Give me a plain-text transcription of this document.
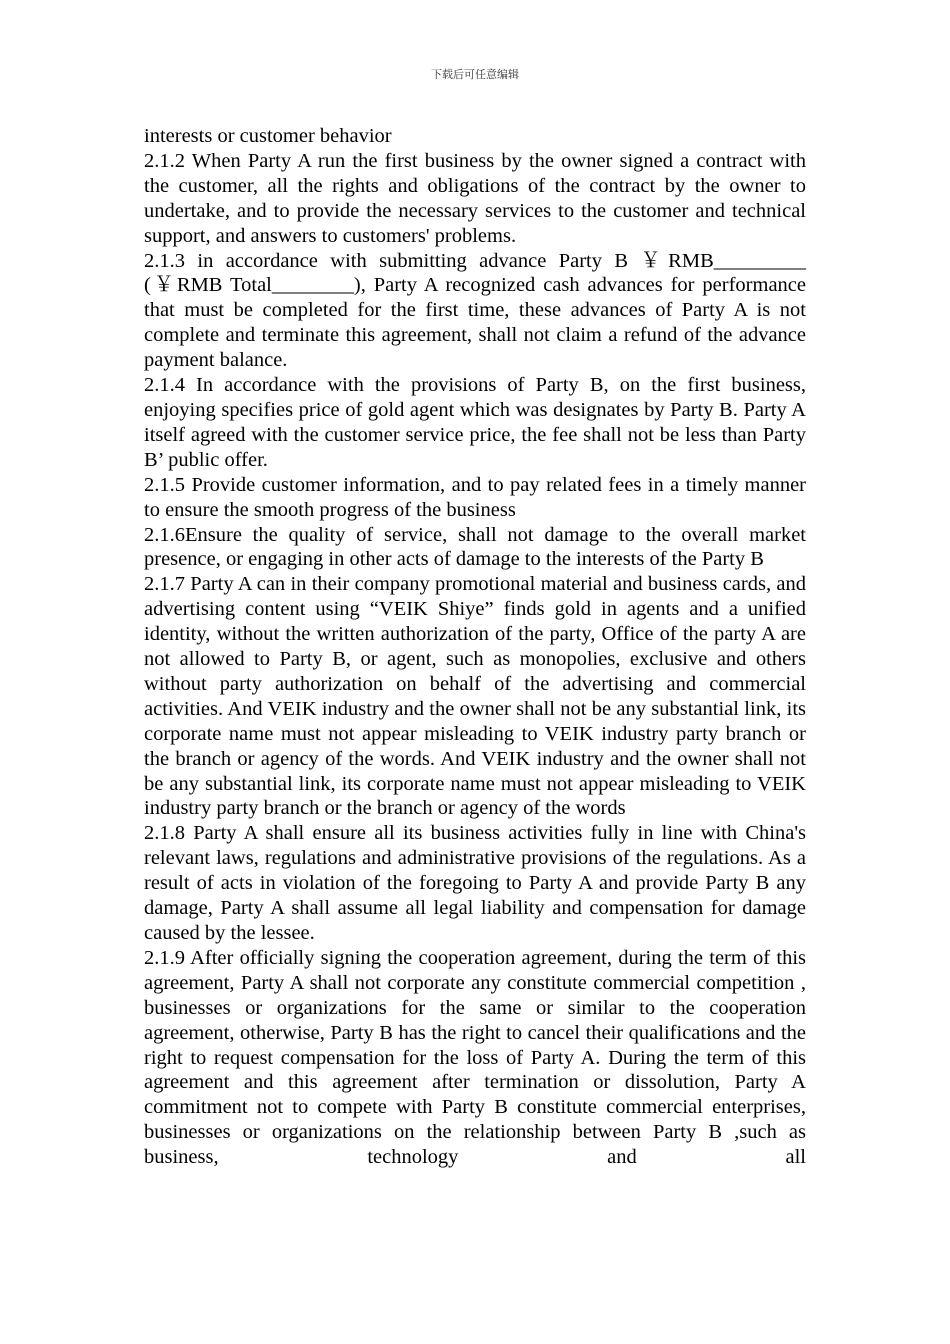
下载后可任意编辑

interests or customer behavior

2.1.2 When Party A run the first business by the owner signed a contract with the customer, all the rights and obligations of the contract by the owner to undertake, and to provide the necessary services to the customer and technical support, and answers to customers' problems.

2.1.3 in accordance with submitting advance Party B ￥RMB_________ (￥RMB Total________), Party A recognized cash advances for performance that must be completed for the first time, these advances of Party A is not complete and terminate this agreement, shall not claim a refund of the advance payment balance.

2.1.4 In accordance with the provisions of Party B, on the first business, enjoying specifies price of gold agent which was designates by Party B. Party A itself agreed with the customer service price, the fee shall not be less than Party B’ public offer.

2.1.5 Provide customer information, and to pay related fees in a timely manner to ensure the smooth progress of the business

2.1.6Ensure the quality of service, shall not damage to the overall market presence, or engaging in other acts of damage to the interests of the Party B

2.1.7 Party A can in their company promotional material and business cards, and advertising content using “VEIK Shiye” finds gold in agents and a unified identity, without the written authorization of the party, Office of the party A are not allowed to Party B, or agent, such as monopolies, exclusive and others without party authorization on behalf of the advertising and commercial activities. And VEIK industry and the owner shall not be any substantial link, its corporate name must not appear misleading to VEIK industry party branch or the branch or agency of the words. And VEIK industry and the owner shall not be any substantial link, its corporate name must not appear misleading to VEIK industry party branch or the branch or agency of the words

2.1.8 Party A shall ensure all its business activities fully in line with China's relevant laws, regulations and administrative provisions of the regulations. As a result of acts in violation of the foregoing to Party A and provide Party B any damage, Party A shall assume all legal liability and compensation for damage caused by the lessee.

2.1.9 After officially signing the cooperation agreement, during the term of this agreement, Party A shall not corporate any constitute commercial competition , businesses or organizations for the same or similar to the cooperation agreement, otherwise, Party B has the right to cancel their qualifications and the right to request compensation for the loss of Party A. During the term of this agreement and this agreement after termination or dissolution, Party A commitment not to compete with Party B constitute commercial enterprises, businesses or organizations on the relationship between Party B ,such as business, technology and all
